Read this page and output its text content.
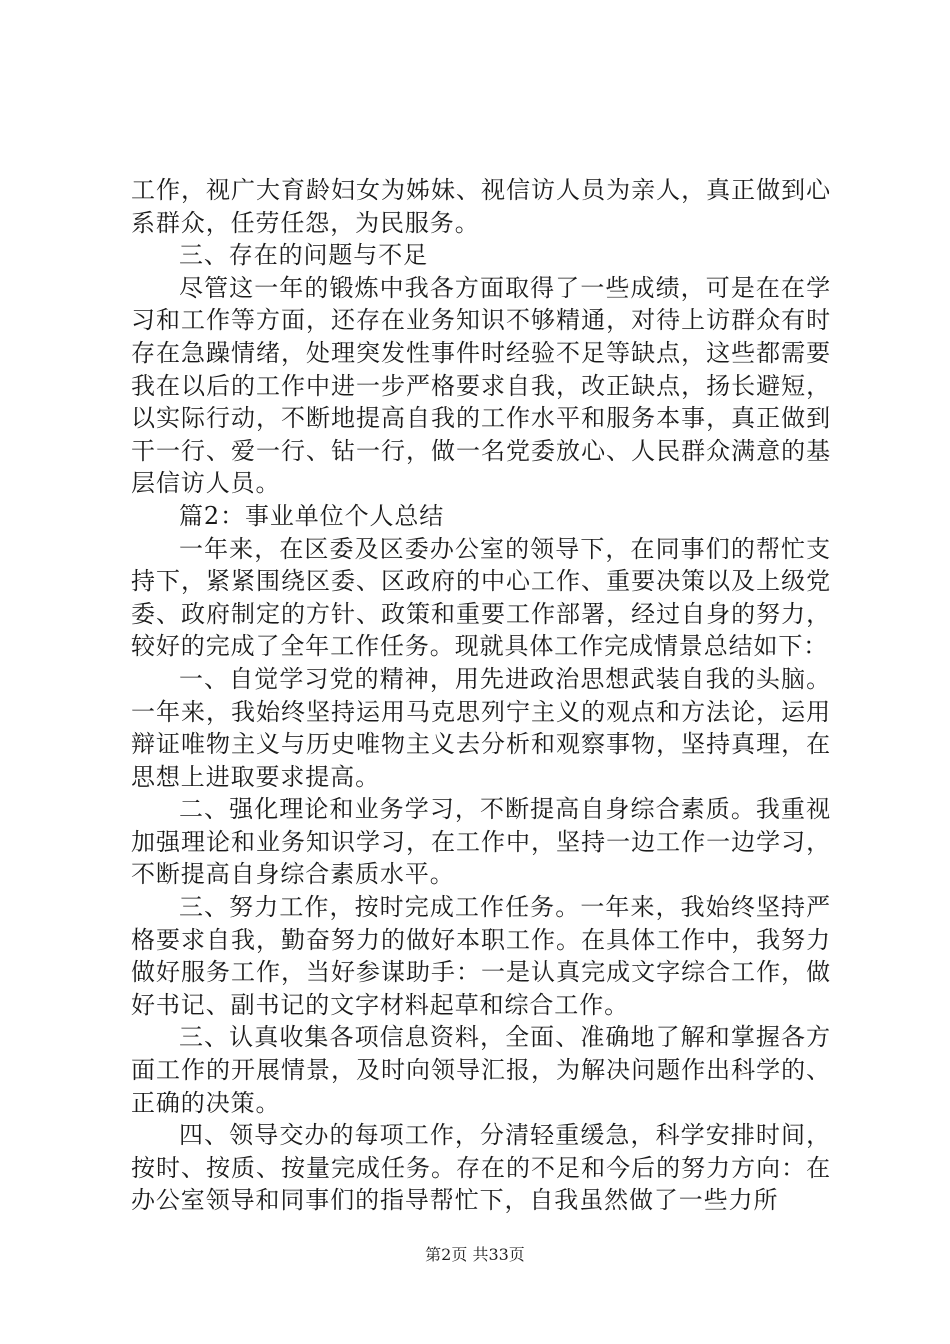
工作，视广大育龄妇女为姊妹、视信访人员为亲人，真正做到心系群众，任劳任怨，为民服务。

三、存在的问题与不足

尽管这一年的锻炼中我各方面取得了一些成绩，可是在在学习和工作等方面，还存在业务知识不够精通，对待上访群众有时存在急躁情绪，处理突发性事件时经验不足等缺点，这些都需要我在以后的工作中进一步严格要求自我，改正缺点，扬长避短，以实际行动，不断地提高自我的工作水平和服务本事，真正做到干一行、爱一行、钻一行，做一名党委放心、人民群众满意的基层信访人员。

篇2：事业单位个人总结

一年来，在区委及区委办公室的领导下，在同事们的帮忙支持下，紧紧围绕区委、区政府的中心工作、重要决策以及上级党委、政府制定的方针、政策和重要工作部署，经过自身的努力，较好的完成了全年工作任务。现就具体工作完成情景总结如下：

一、自觉学习党的精神，用先进政治思想武装自我的头脑。一年来，我始终坚持运用马克思列宁主义的观点和方法论，运用辩证唯物主义与历史唯物主义去分析和观察事物，坚持真理，在思想上进取要求提高。

二、强化理论和业务学习，不断提高自身综合素质。我重视加强理论和业务知识学习，在工作中，坚持一边工作一边学习，不断提高自身综合素质水平。

三、努力工作，按时完成工作任务。一年来，我始终坚持严格要求自我，勤奋努力的做好本职工作。在具体工作中，我努力做好服务工作，当好参谋助手：一是认真完成文字综合工作，做好书记、副书记的文字材料起草和综合工作。

三、认真收集各项信息资料，全面、准确地了解和掌握各方面工作的开展情景，及时向领导汇报，为解决问题作出科学的、正确的决策。

四、领导交办的每项工作，分清轻重缓急，科学安排时间，按时、按质、按量完成任务。存在的不足和今后的努力方向：在办公室领导和同事们的指导帮忙下，自我虽然做了一些力所

第2页 共33页
